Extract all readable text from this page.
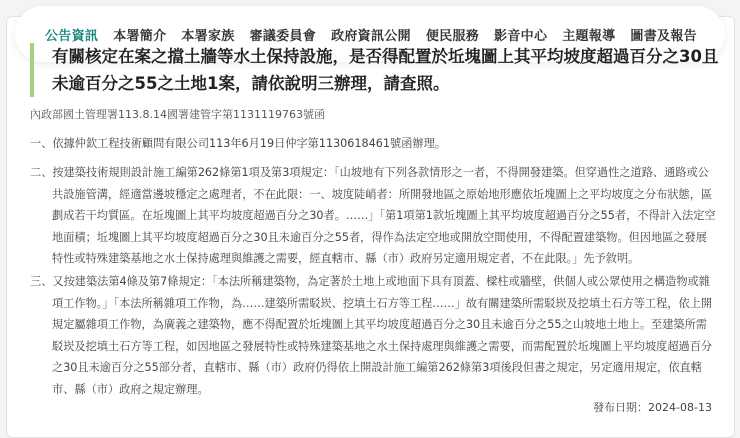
公告資訊 本署簡介 本署家族 審議委員會 政府資訊公開 便民服務 影音中心 主題報導 圖書及報告
有關核定在案之擋土牆等水土保持設施，是否得配置於坵塊圖上其平均坡度超過百分之30且未逾百分之55之土地1案，請依說明三辦理，請查照。
內政部國土管理署113.8.14國署建管字第1131119763號函

一、依據仲欽工程技術顧問有限公司113年6月19日仲字第1130618461號函辦理。

二、按建築技術規則設計施工編第262條第1項及第3項規定：「山坡地有下列各款情形之一者，不得開發建築。但穿過性之道路、通路或公共設施管溝，經適當邊坡穩定之處理者，不在此限：一、坡度陡峭者：所開發地區之原始地形應依坵塊圖上之平均坡度之分布狀態，區劃成若干均質區。在坵塊圖上其平均坡度超過百分之30者。……」「第1項第1款坵塊圖上其平均坡度超過百分之55者，不得計入法定空地面積；坵塊圖上其平均坡度超過百分之30且未逾百分之55者，得作為法定空地或開放空間使用，不得配置建築物。但因地區之發展特性或特殊建築基地之水土保持處理與維護之需要，經直轄市、縣（市）政府另定適用規定者，不在此限。」先予敘明。

三、又按建築法第4條及第7條規定：「本法所稱建築物，為定著於土地上或地面下具有頂蓋、樑柱或牆壁，供個人或公眾使用之構造物或雜項工作物。」「本法所稱雜項工作物，為……建築所需駁崁、挖填土石方等工程……」故有關建築所需駁崁及挖填土石方等工程，依上開規定屬雜項工作物，為廣義之建築物，應不得配置於坵塊圖上其平均坡度超過百分之30且未逾百分之55之山坡地土地上。至建築所需駁崁及挖填土石方等工程，如因地區之發展特性或特殊建築基地之水土保持處理與維護之需要，而需配置於坵塊圖上平均坡度超過百分之30且未逾百分之55部分者，直轄市、縣（市）政府仍得依上開設計施工編第262條第3項後段但書之規定，另定適用規定，依直轄市、縣（市）政府之規定辦理。

發布日期：2024-08-13
